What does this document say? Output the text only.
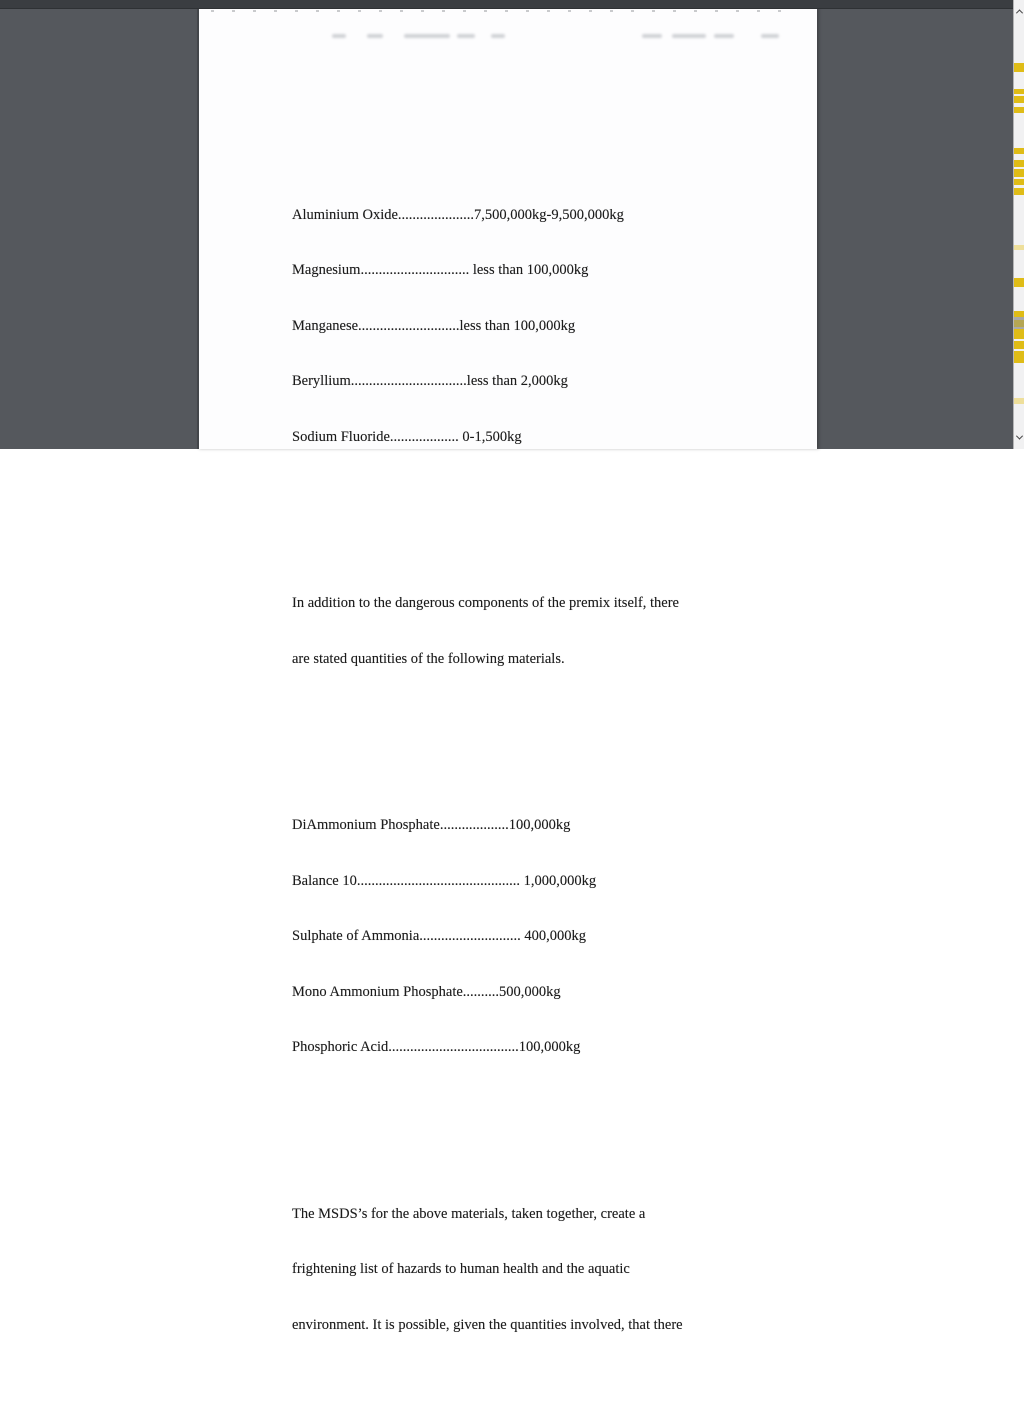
Aluminium Oxide.....................7,500,000kg-9,500,000kg

Magnesium.............................. less than 100,000kg

Manganese............................less than 100,000kg

Beryllium................................less than 2,000kg

Sodium Fluoride................... 0-1,500kg

In addition to the dangerous components of the premix itself, there

are stated quantities of the following materials.

DiAmmonium Phosphate...................100,000kg

Balance 10............................................. 1,000,000kg

Sulphate of Ammonia............................ 400,000kg

Mono Ammonium Phosphate..........500,000kg

Phosphoric Acid....................................100,000kg

The MSDS’s for the above materials, taken together, create a

frightening list of hazards to human health and the aquatic

environment. It is possible, given the quantities involved, that there
